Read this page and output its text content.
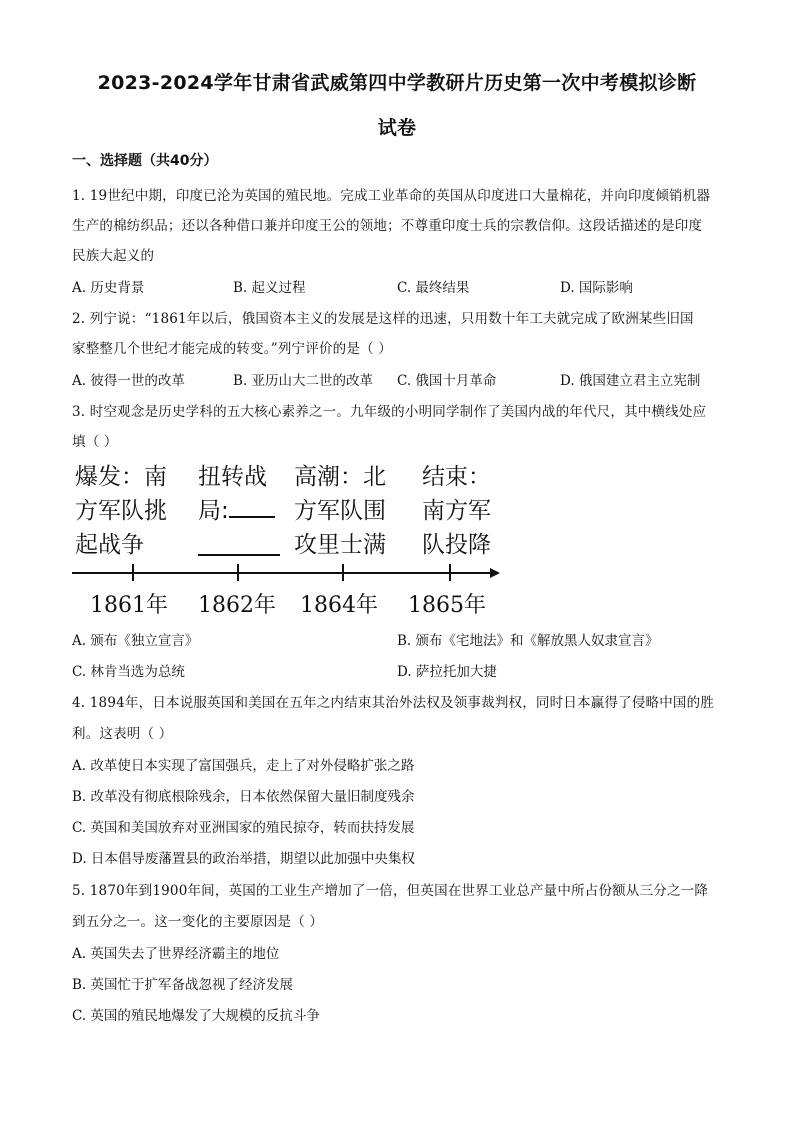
2023-2024学年甘肃省武威第四中学教研片历史第一次中考模拟诊断
试卷
一、选择题（共40分）
1. 19世纪中期，印度已沦为英国的殖民地。完成工业革命的英国从印度进口大量棉花，并向印度倾销机器
生产的棉纺织品；还以各种借口兼并印度王公的领地；不尊重印度士兵的宗教信仰。这段话描述的是印度
民族大起义的
A. 历史背景	B. 起义过程	C. 最终结果	D. 国际影响
2. 列宁说：“1861年以后，俄国资本主义的发展是这样的迅速，只用数十年工夫就完成了欧洲某些旧国
家整整几个世纪才能完成的转变。”列宁评价的是（ ）
A. 彼得一世的改革	B. 亚历山大二世的改革 C. 俄国十月革命	D. 俄国建立君主立宪制
3. 时空观念是历史学科的五大核心素养之一。九年级的小明同学制作了美国内战的年代尺，其中横线处应
填（ ）
爆发：南
方军队挑
起战争
扭转战
局:
高潮：北
方军队围
攻里士满
结束：
南方军
队投降
1861年 1862年 1864年 1865年
A. 颁布《独立宣言》	B. 颁布《宅地法》和《解放黑人奴隶宣言》
C. 林肯当选为总统	D. 萨拉托加大捷
4. 1894年，日本说服英国和美国在五年之内结束其治外法权及领事裁判权，同时日本赢得了侵略中国的胜
利。这表明（ ）
A. 改革使日本实现了富国强兵，走上了对外侵略扩张之路
B. 改革没有彻底根除残余，日本依然保留大量旧制度残余
C. 英国和美国放弃对亚洲国家的殖民掠夺，转而扶持发展
D. 日本倡导废藩置县的政治举措，期望以此加强中央集权
5. 1870年到1900年间，英国的工业生产增加了一倍，但英国在世界工业总产量中所占份额从三分之一降
到五分之一。这一变化的主要原因是（ ）
A. 英国失去了世界经济霸主的地位
B. 英国忙于扩军备战忽视了经济发展
C. 英国的殖民地爆发了大规模的反抗斗争
